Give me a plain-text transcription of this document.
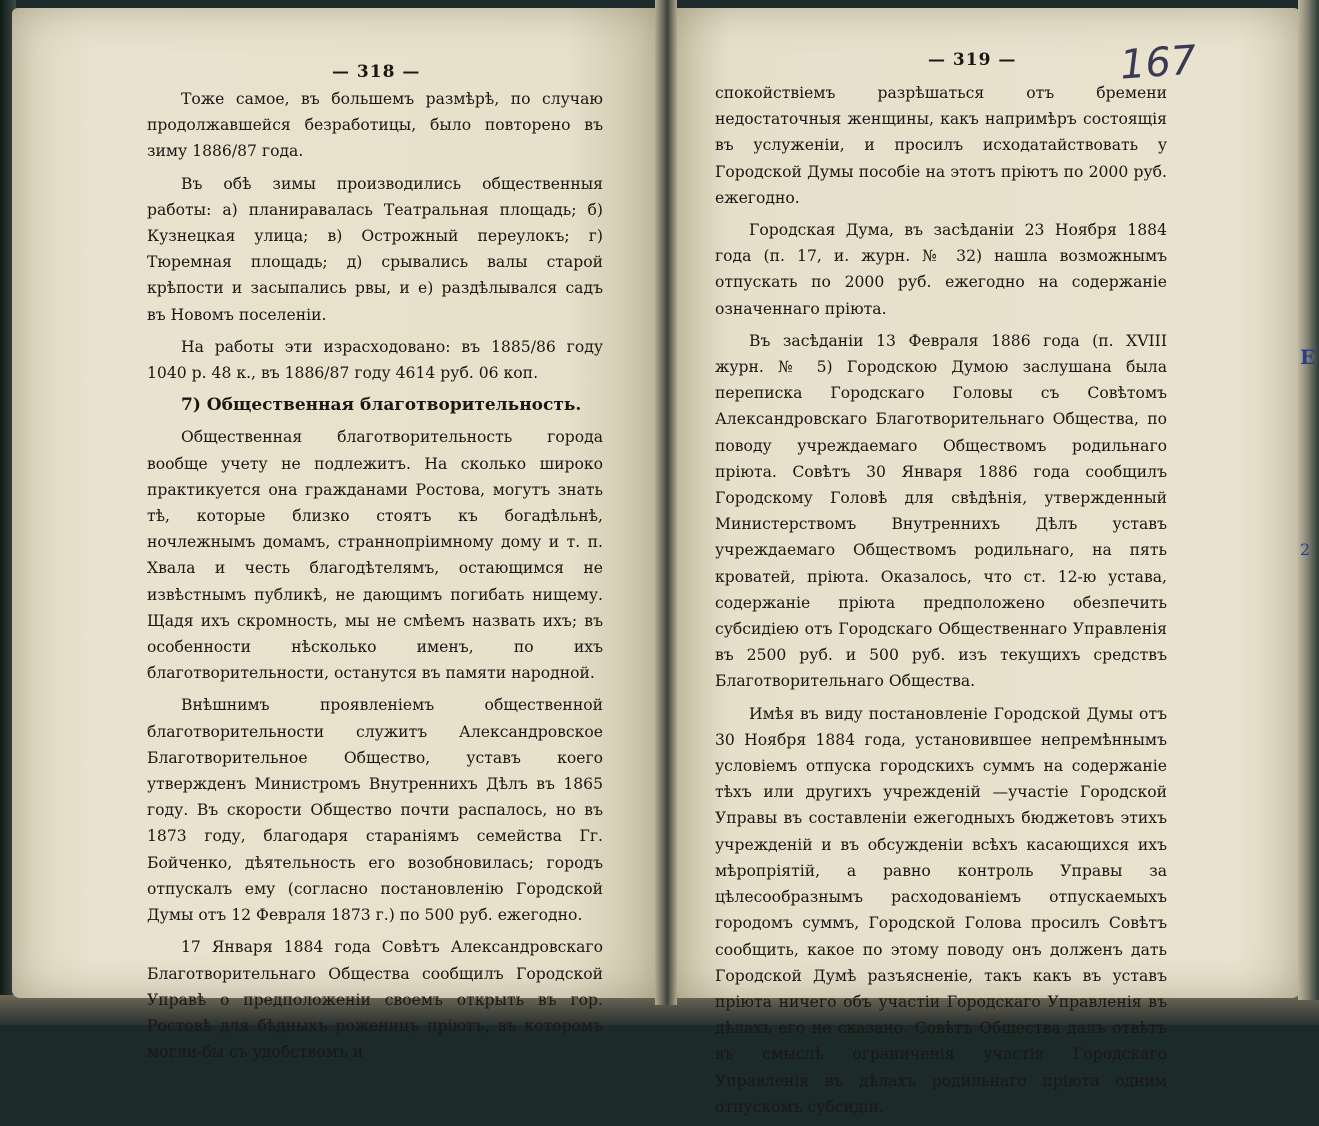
Е
2
— 318 —

Тоже самое, въ большемъ размѣрѣ, по случаю продолжавшейся безработицы, было повторено въ зиму 1886/87 года.

Въ обѣ зимы производились общественныя работы: а) планиравалась Театральная площадь; б) Кузнецкая улица; в) Острожный переулокъ; г) Тюремная площадь; д) срывались валы старой крѣпости и засыпались рвы, и е) раздѣлывался садъ въ Новомъ поселеніи.

На работы эти израсходовано: въ 1885/86 году 1040 р. 48 к., въ 1886/87 году 4614 руб. 06 коп.

7) Общественная благотворительность.

Общественная благотворительность города вообще учету не подлежитъ. На сколько широко практикуется она гражданами Ростова, могутъ знать тѣ, которые близко стоятъ къ богадѣльнѣ, ночлежнымъ домамъ, страннопріимному дому и т. п. Хвала и честь благодѣтелямъ, остающимся не извѣстнымъ публикѣ, не дающимъ погибать нищему. Щадя ихъ скромность, мы не смѣемъ назвать ихъ; въ особенности нѣсколько именъ, по ихъ благотворительности, останутся въ памяти народной.

Внѣшнимъ проявленіемъ общественной благотворительности служитъ Александровское Благотворительное Общество, уставъ коего утвержденъ Министромъ Внутреннихъ Дѣлъ въ 1865 году. Въ скорости Общество почти распалось, но въ 1873 году, благодаря стараніямъ семейства Гг. Бойченко, дѣятельность его возобновилась; городъ отпускалъ ему (согласно постановленію Городской Думы отъ 12 Февраля 1873 г.) по 500 руб. ежегодно.

17 Января 1884 года Совѣтъ Александровскаго Благотворительнаго Общества сообщилъ Городской Управѣ о предположеніи своемъ открыть въ гор. Ростовѣ для бѣдныхъ роженицъ пріютъ, въ которомъ могли-бы съ удобствомъ и

— 319 —	167

спокойствіемъ разрѣшаться отъ бремени недостаточныя женщины, какъ напримѣръ состоящія въ услуженіи, и просилъ исходатайствовать у Городской Думы пособіе на этотъ пріютъ по 2000 руб. ежегодно.

Городская Дума, въ засѣданіи 23 Ноября 1884 года (п. 17, и. журн. № 32) нашла возможнымъ отпускать по 2000 руб. ежегодно на содержаніе означеннаго пріюта.

Въ засѣданіи 13 Февраля 1886 года (п. XVIII журн. № 5) Городскою Думою заслушана была переписка Городскаго Головы съ Совѣтомъ Александровскаго Благотворительнаго Общества, по поводу учреждаемаго Обществомъ родильнаго пріюта. Совѣтъ 30 Января 1886 года сообщилъ Городскому Головѣ для свѣдѣнія, утвержденный Министерствомъ Внутреннихъ Дѣлъ уставъ учреждаемаго Обществомъ родильнаго, на пять кроватей, пріюта. Оказалось, что ст. 12-ю устава, содержаніе пріюта предположено обезпечить субсидіею отъ Городскаго Общественнаго Управленія въ 2500 руб. и 500 руб. изъ текущихъ средствъ Благотворительнаго Общества.

Имѣя въ виду постановленіе Городской Думы отъ 30 Ноября 1884 года, установившее непремѣннымъ условіемъ отпуска городскихъ суммъ на содержаніе тѣхъ или другихъ учрежденій —участіе Городской Управы въ составленіи ежегодныхъ бюджетовъ этихъ учрежденій и въ обсужденіи всѣхъ касающихся ихъ мѣропріятій, а равно контроль Управы за цѣлесообразнымъ расходованіемъ отпускаемыхъ городомъ суммъ, Городской Голова просилъ Совѣтъ сообщить, какое по этому поводу онъ долженъ дать Городской Думѣ разъясненіе, такъ какъ въ уставъ пріюта ничего объ участіи Городскаго Управленія въ дѣлахъ его не сказано. Совѣтъ Общества далъ отвѣтъ въ смыслѣ ограниченія участія Городскаго Управленія въ дѣлахъ родильнаго пріюта одним отпускомъ субсидіи.
